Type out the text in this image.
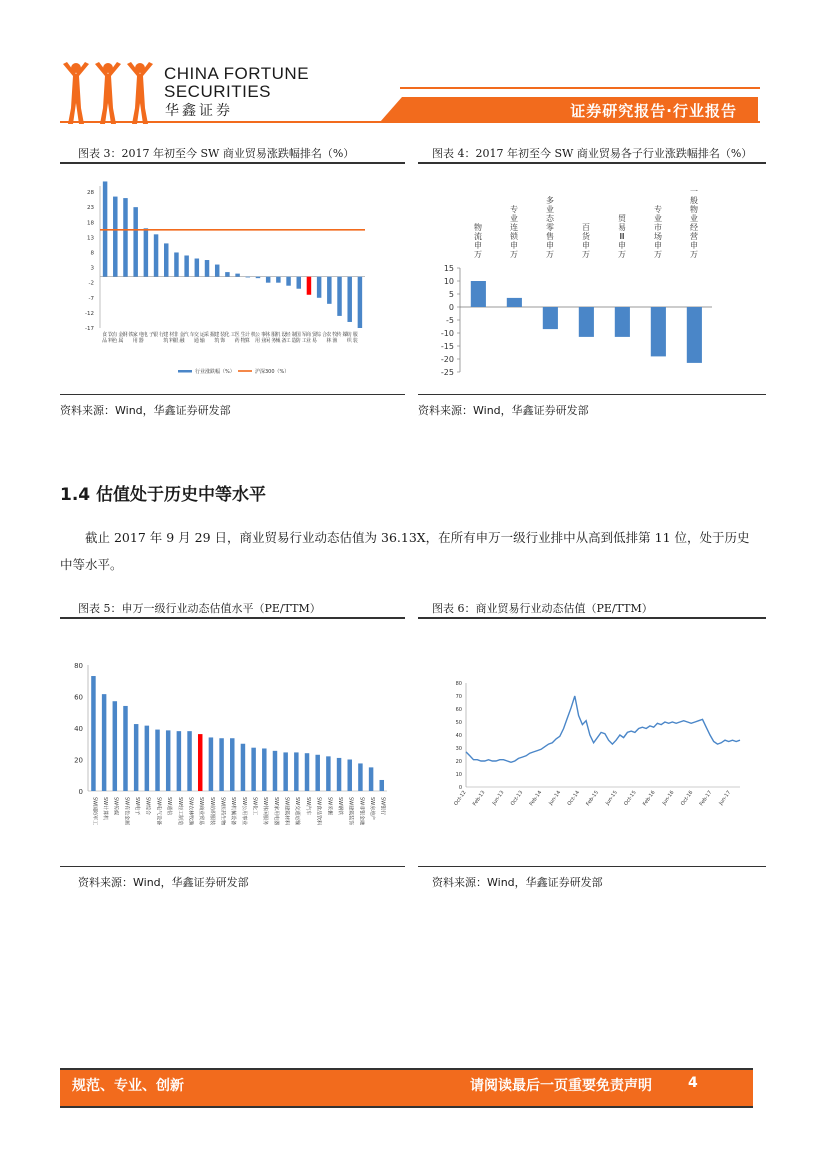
CHINA FORTUNE
SECURITIES
华鑫证券	证券研究报告·行业报告
图表 3：2017 年初至今 SW 商业贸易涨跌幅排名（%）
-17
-12
-7
-2
3
8
13
18
23
28
食品
饮料
有色
金属
钢 铁 家用
电器
电 子 银 行 建筑
材料
非银
金融
汽 车 交通
运输
采 掘 建筑
装饰
化 工 医药
生物
计算
机 公用
事业
休闲
服务
机械
设备
轻工
制造
国防
军工
商业
贸易
综 合 农林
牧渔
传 媒 纺织
服装
行业涨跌幅（%）	沪深300（%）
资料来源：Wind，华鑫证券研发部
图表 4：2017 年初至今 SW 商业贸易各子行业涨跌幅排名（%）
-25
-20
-15
-10
-5
0
5
10
15
物流申万
专业连锁申万
多业态零售申万
百货申万
贸易 Ⅲ 申万
专业市场申万
一般物业经营申万
资料来源：Wind，华鑫证券研发部
1.4 估值处于历史中等水平
截止 2017 年 9 月 29 日，商业贸易行业动态估值为 36.13X，在所有申万一级行业排中从高到低排第 11 位，处于历史中等水平。
图表 5：申万一级行业动态估值水平（PE/TTM）
0
20
40
60
80
SW国防军工 SW计算机 SW传媒 SW有色金属 SW电子 SW综合 SW电气设备 SW通信 SW轻工制造 SW农林牧渔 SW商业贸易 SW纺织服装 SW医药生物 SW机械设备 SW公用事业 SW化工 SW休闲服务 SW家用电器 SW建筑材料 SW交通运输 SW汽车 SW食品饮料 SW采掘 SW钢铁 SW建筑装饰 SW非银金融 SW房地产 SW银行
资料来源：Wind，华鑫证券研发部
图表 6：商业贸易行业动态估值（PE/TTM）
0
10
20
30
40
50
60
70
80
Oct-12 Feb-13 Jun-13 Oct-13 Feb-14 Jun-14 Oct-14 Feb-15 Jun-15 Oct-15 Feb-16 Jun-16 Oct-16 Feb-17 Jun-17
资料来源：Wind，华鑫证券研发部
规范、专业、创新	请阅读最后一页重要免责声明	4
